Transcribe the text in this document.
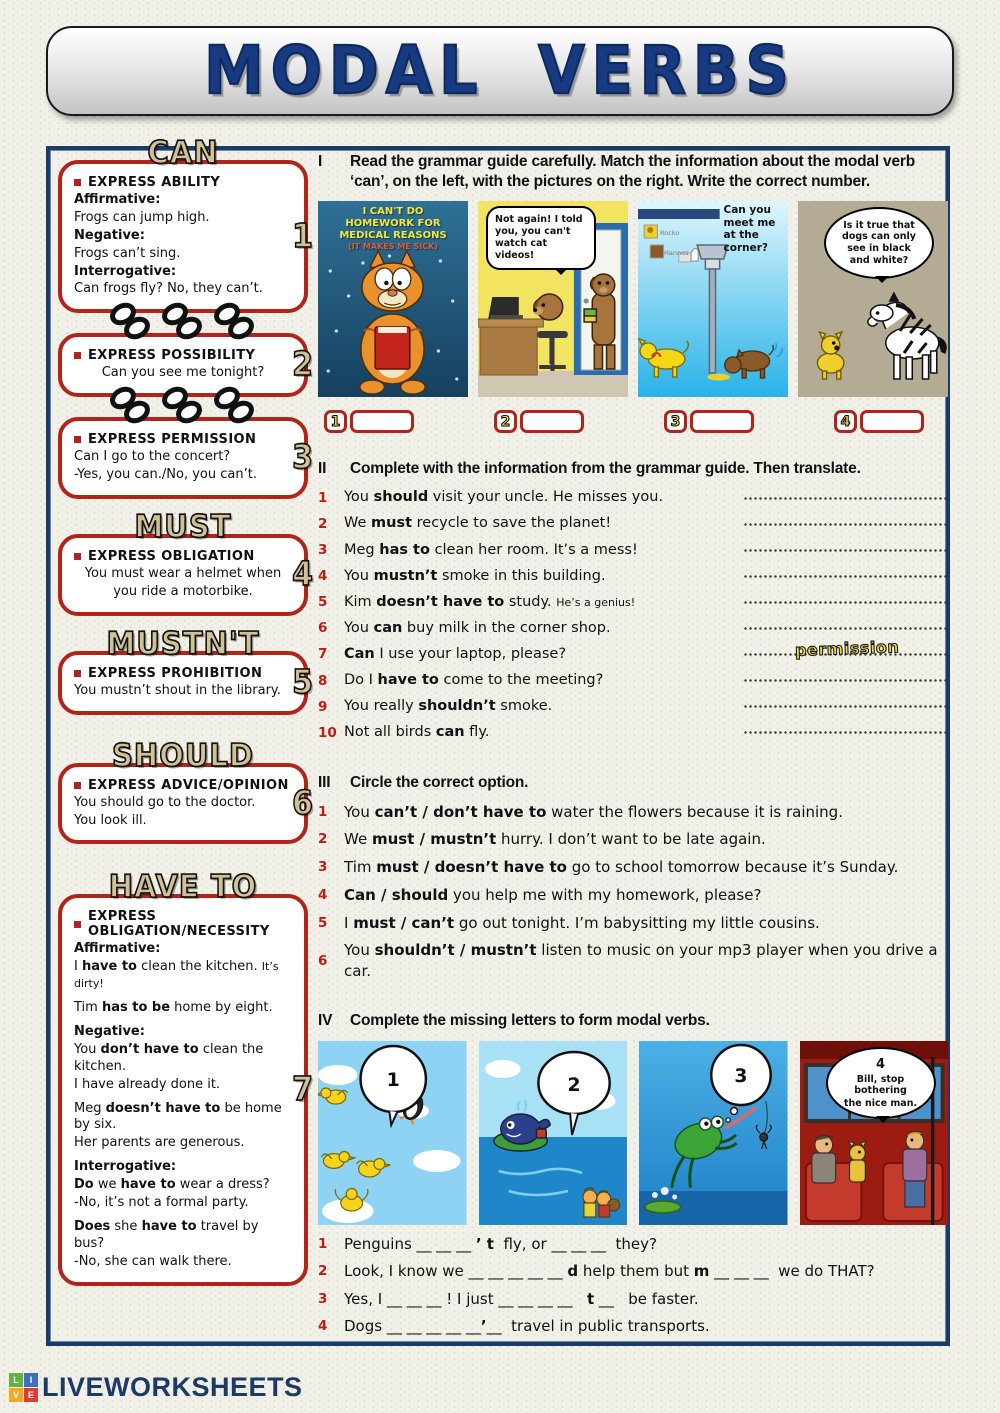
MODAL VERBS
CAN
1
EXPRESS ABILITY

Affirmative:

Frogs can jump high.

Negative:

Frogs can’t sing.

Interrogative:

Can frogs fly? No, they can’t.

2
EXPRESS POSSIBILITY

Can you see me tonight?

3
EXPRESS PERMISSION

Can I go to the concert?

-Yes, you can./No, you can’t.

MUST
4
EXPRESS OBLIGATION

You must wear a helmet when

you ride a motorbike.

MUSTN'T
5
EXPRESS PROHIBITION

You mustn’t shout in the library.

SHOULD
6
EXPRESS ADVICE/OPINION

You should go to the doctor.

You look ill.

HAVE TO
7
EXPRESS OBLIGATION/NECESSITY

Affirmative:

I have to clean the kitchen. It’s dirty!

Tim has to be home by eight.

Negative:

You don’t have to clean the kitchen.

I have already done it.

Meg doesn’t have to be home by six.

Her parents are generous.

Interrogative:

Do we have to wear a dress?

-No, it’s not a formal party.

Does she have to travel by bus?

-No, she can walk there.

I	Read the grammar guide carefully. Match the information about the modal verb ‘can’, on the left, with the pictures on the right. Write the correct number.
I CAN'T DO
HOMEWORK FOR
MEDICAL REASONS
(IT MAKES ME SICK)
Not again! I told you, you can't watch cat videos!
Can you meet me at the corner?
Rocko
Hannes
Is it true that dogs can only see in black and white?
1	2	3	4
II	Complete with the information from the grammar guide. Then translate.
1	You should visit your uncle. He misses you.
2	We must recycle to save the planet!
3	Meg has to clean her room. It’s a mess!
4	You mustn’t smoke in this building.
5	Kim doesn’t have to study. He’s a genius!
6	You can buy milk in the corner shop.
7	Can I use your laptop, please?	permission
8	Do I have to come to the meeting?
9	You really shouldn’t smoke.
10 Not all birds can fly.
III Circle the correct option.
1	You can’t / don’t have to water the flowers because it is raining.
2	We must / mustn’t hurry. I don’t want to be late again.
3	Tim must / doesn’t have to go to school tomorrow because it’s Sunday.
4	Can / should you help me with my homework, please?
5	I must / can’t go out tonight. I’m babysitting my little cousins.
6
You shouldn’t / mustn’t listen to music on your mp3 player when you drive a car.
IV Complete the missing letters to form modal verbs.
1	2	3
4
Bill, stop bothering
the nice man.
1	Penguins __ __ __ ’ t  fly, or __ __ __  they?
2	Look, I know we __ __ __ __ __ d help them but m __ __ __  we do THAT?
3	Yes, I __ __ __ ! I just __ __ __ __   t __   be faster.
4	Dogs __ __ __ __ __’__  travel in public transports.
L	I
V E LIVEWORKSHEETS
